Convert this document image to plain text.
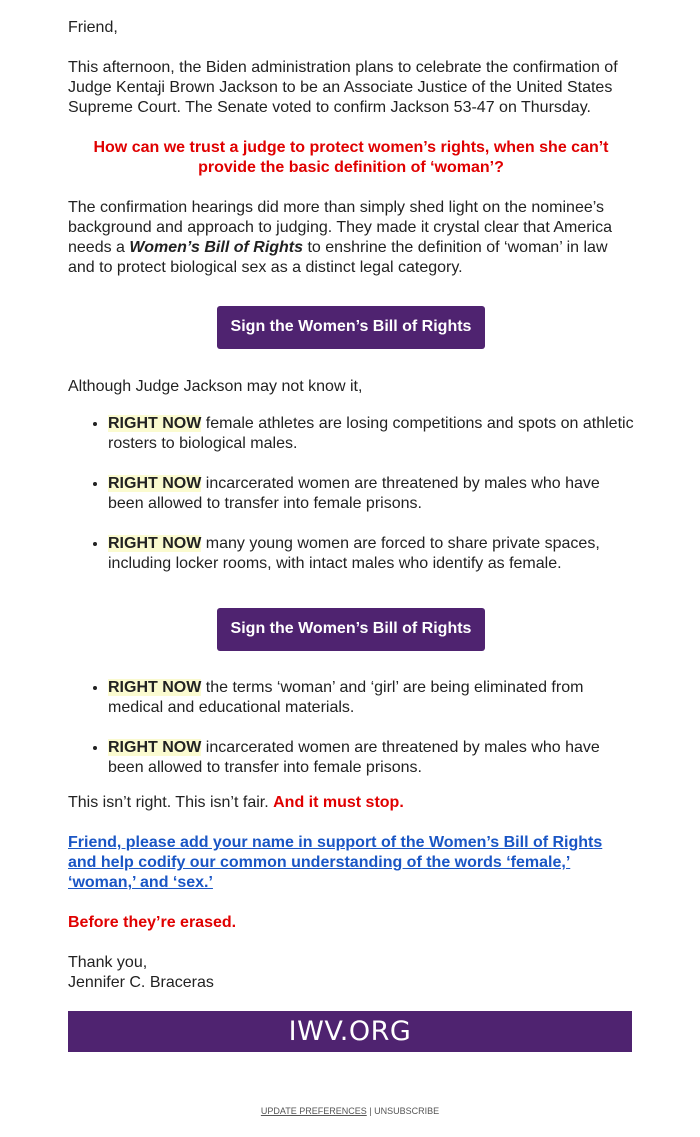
Friend,

This afternoon, the Biden administration plans to celebrate the confirmation of Judge Kentaji Brown Jackson to be an Associate Justice of the United States Supreme Court. The Senate voted to confirm Jackson 53-47 on Thursday.

How can we trust a judge to protect women’s rights, when she can’t provide the basic definition of ‘woman’?

The confirmation hearings did more than simply shed light on the nominee’s background and approach to judging. They made it crystal clear that America needs a Women’s Bill of Rights to enshrine the definition of ‘woman’ in law and to protect biological sex as a distinct legal category.

Sign the Women’s Bill of Rights

Although Judge Jackson may not know it,

• RIGHT NOW female athletes are losing competitions and spots on athletic rosters to biological males.
• RIGHT NOW incarcerated women are threatened by males who have been allowed to transfer into female prisons.
• RIGHT NOW many young women are forced to share private spaces, including locker rooms, with intact males who identify as female.
Sign the Women’s Bill of Rights
• RIGHT NOW the terms ‘woman’ and ‘girl’ are being eliminated from medical and educational materials.
• RIGHT NOW incarcerated women are threatened by males who have been allowed to transfer into female prisons.

This isn’t right. This isn’t fair. And it must stop.

Friend, please add your name in support of the Women’s Bill of Rights and help codify our common understanding of the words ‘female,’ ‘woman,’ and ‘sex.’

Before they’re erased.

Thank you,
Jennifer C. Braceras

IWV.ORG
UPDATE PREFERENCES | UNSUBSCRIBE
